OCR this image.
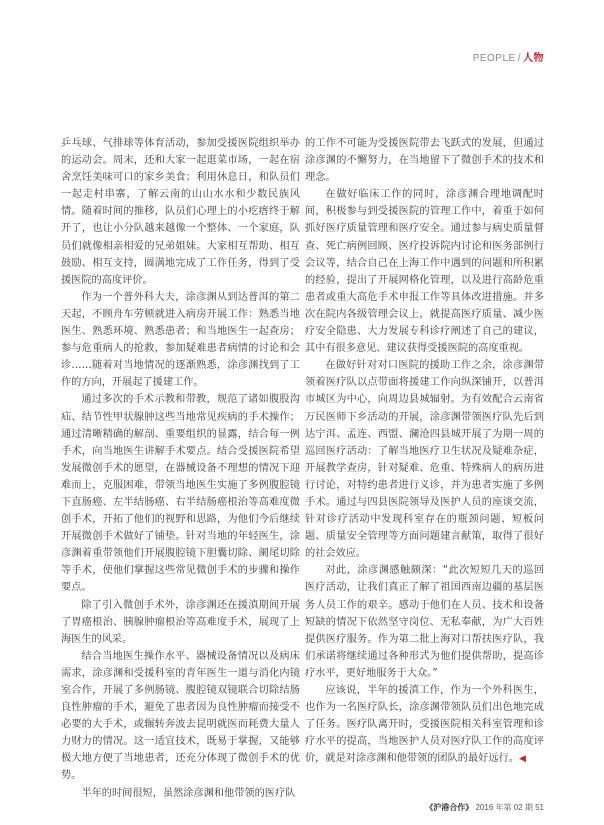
PEOPLE / 人物

乒乓球、气排球等体育活动，参加受援医院组织举办的运动会。周末，还和大家一起逛菜市场，一起在宿舍烹饪美味可口的家乡美食；利用休息日，和队员们一起走村串寨，了解云南的山山水水和少数民族风情。随着时间的推移，队员们心理上的小疙瘩终于解开了，也让小分队越来越像一个整体、一个家庭，队员们就像相亲相爱的兄弟姐妹。大家相互帮助、相互鼓励、相互支持，圆满地完成了工作任务，得到了受援医院的高度评价。

作为一个普外科大夫，涂彦渊从到达普洱的第二天起，不顾舟车劳顿就进入病房开展工作：熟悉当地医生、熟悉环境、熟悉患者；和当地医生一起查房；参与危重病人的抢救，参加疑难患者病情的讨论和会诊……随着对当地情况的逐渐熟悉，涂彦渊找到了工作的方向，开展起了援建工作。

通过多次的手术示教和带教，规范了诸如腹股沟疝、结节性甲状腺肿这些当地常见疾病的手术操作；通过清晰精确的解剖、重要组织的显露，结合每一例手术，向当地医生讲解手术要点。结合受援医院希望发展微创手术的愿望，在器械设备不理想的情况下迎难而上，克服困难，带领当地医生实施了多例腹腔镜下直肠癌、左半结肠癌、右半结肠癌根治等高难度微创手术，开拓了他们的视野和思路，为他们今后继续开展微创手术做好了铺垫。针对当地的年轻医生，涂彦渊着重带领他们开展腹腔镜下胆囊切除、阑尾切除等手术，使他们掌握这些常见微创手术的步骤和操作要点。

除了引入微创手术外，涂彦渊还在援滇期间开展了胃癌根治、胰腺肿瘤根治等高难度手术，展现了上海医生的风采。

结合当地医生操作水平、器械设备情况以及病床需求，涂彦渊和受援科室的青年医生一道与消化内镜室合作，开展了多例肠镜、腹腔镜双镜联合切除结肠良性肿瘤的手术，避免了患者因为良性肿瘤而接受不必要的大手术，或辗转奔波去昆明就医而耗费大量人力财力的情况。这一适宜技术，既易于掌握，又能够极大地方便了当地患者，还充分体现了微创手术的优势。

半年的时间很短，虽然涂彦渊和他带领的医疗队

的工作不可能为受援医院带去飞跃式的发展，但通过涂彦渊的不懈努力，在当地留下了微创手术的技术和理念。

在做好临床工作的同时，涂彦渊合理地调配时间，积极参与到受援医院的管理工作中，着重于如何抓好医疗质量管理和医疗安全。通过参与病史质量督查、死亡病例回顾、医疗投诉院内讨论和医务部例行会议等，结合自己在上海工作中遇到的问题和所积累的经验，提出了开展网格化管理，以及进行高龄危重患者或重大高危手术申报工作等具体改进措施。并多次在院内各级管理会议上，就提高医疗质量、减少医疗安全隐患、大力发展专科诊疗阐述了自己的建议，其中有很多意见、建议获得受援医院的高度重视。

在做好针对对口医院的援助工作之余，涂彦渊带领着医疗队以点带面将援建工作向纵深铺开，以普洱市城区为中心，向周边县城辐射。为有效配合云南省万民医师下乡活动的开展，涂彦渊带领医疗队先后到达宁洱、孟连、西盟、澜沧四县城开展了为期一周的巡回医疗活动：了解当地医疗卫生状况及疑难杂症，开展教学查房，针对疑难、危重、特殊病人的病历进行讨论，对特约患者进行义诊，并为患者实施了多例手术。通过与四县医院领导及医护人员的座谈交流，针对诊疗活动中发现科室存在的瓶颈问题、短板问题、质量安全管理等方面问题建言献策，取得了很好的社会效应。

对此，涂彦渊感触颇深：“此次短短几天的巡回医疗活动，让我们真正了解了祖国西南边疆的基层医务人员工作的艰辛。感动于他们在人员、技术和设备短缺的情况下依然坚守岗位、无私奉献，为广大百姓提供医疗服务。作为第二批上海对口帮扶医疗队，我们承诺将继续通过各种形式为他们提供帮助，提高诊疗水平，更好地服务于大众。”

应该说，半年的援滇工作，作为一个外科医生，也作为一名医疗队长，涂彦渊带领队员们出色地完成了任务。医疗队离开时，受援医院相关科室管理和诊疗水平的提高，当地医护人员对医疗队工作的高度评价，就是对涂彦渊和他带领的团队的最好远行。◀

《沪港合作》 2016 年第 02 期 51
